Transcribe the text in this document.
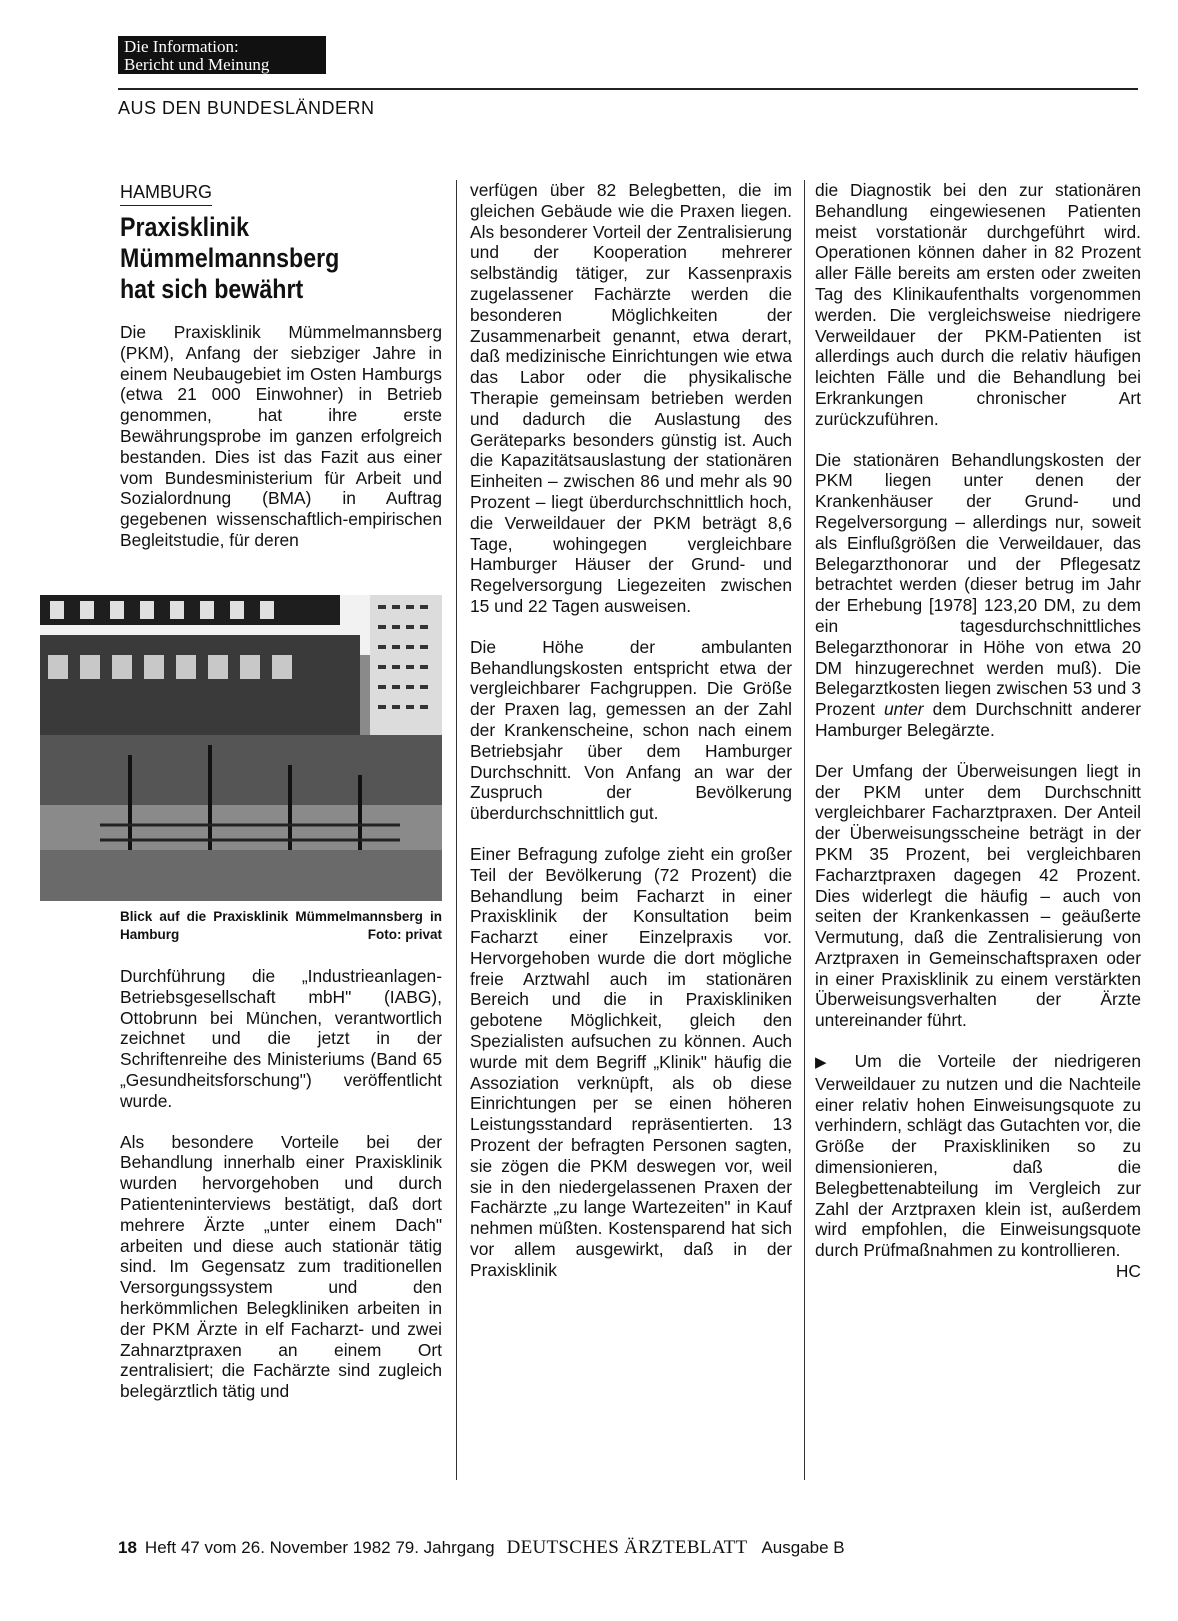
Die Information:
Bericht und Meinung
AUS DEN BUNDESLÄNDERN
HAMBURG
Praxisklinik
Mümmelmannsberg
hat sich bewährt

Die Praxisklinik Mümmelmannsberg (PKM), Anfang der siebziger Jahre in einem Neubaugebiet im Osten Hamburgs (etwa 21 000 Einwohner) in Betrieb genommen, hat ihre erste Bewährungsprobe im ganzen erfolgreich bestanden. Dies ist das Fazit aus einer vom Bundesministerium für Arbeit und Sozialordnung (BMA) in Auftrag gegebenen wissenschaftlich-empirischen Begleitstudie, für deren

Blick auf die Praxisklinik Mümmelmannsberg in Hamburg	Foto: privat

Durchführung die „Industrieanlagen-Betriebsgesellschaft mbH" (IABG), Ottobrunn bei München, verantwortlich zeichnet und die jetzt in der Schriftenreihe des Ministeriums (Band 65 „Gesundheitsforschung") veröffentlicht wurde.

Als besondere Vorteile bei der Behandlung innerhalb einer Praxisklinik wurden hervorgehoben und durch Patienteninterviews bestätigt, daß dort mehrere Ärzte „unter einem Dach" arbeiten und diese auch stationär tätig sind. Im Gegensatz zum traditionellen Versorgungssystem und den herkömmlichen Belegkliniken arbeiten in der PKM Ärzte in elf Facharzt- und zwei Zahnarztpraxen an einem Ort zentralisiert; die Fachärzte sind zugleich belegärztlich tätig und

verfügen über 82 Belegbetten, die im gleichen Gebäude wie die Praxen liegen. Als besonderer Vorteil der Zentralisierung und der Kooperation mehrerer selbständig tätiger, zur Kassenpraxis zugelassener Fachärzte werden die besonderen Möglichkeiten der Zusammenarbeit genannt, etwa derart, daß medizinische Einrichtungen wie etwa das Labor oder die physikalische Therapie gemeinsam betrieben werden und dadurch die Auslastung des Geräteparks besonders günstig ist. Auch die Kapazitätsauslastung der stationären Einheiten – zwischen 86 und mehr als 90 Prozent – liegt überdurchschnittlich hoch, die Verweildauer der PKM beträgt 8,6 Tage, wohingegen vergleichbare Hamburger Häuser der Grund- und Regelversorgung Liegezeiten zwischen 15 und 22 Tagen ausweisen.

Die Höhe der ambulanten Behandlungskosten entspricht etwa der vergleichbarer Fachgruppen. Die Größe der Praxen lag, gemessen an der Zahl der Krankenscheine, schon nach einem Betriebsjahr über dem Hamburger Durchschnitt. Von Anfang an war der Zuspruch der Bevölkerung überdurchschnittlich gut.

Einer Befragung zufolge zieht ein großer Teil der Bevölkerung (72 Prozent) die Behandlung beim Facharzt in einer Praxisklinik der Konsultation beim Facharzt einer Einzelpraxis vor. Hervorgehoben wurde die dort mögliche freie Arztwahl auch im stationären Bereich und die in Praxiskliniken gebotene Möglichkeit, gleich den Spezialisten aufsuchen zu können. Auch wurde mit dem Begriff „Klinik" häufig die Assoziation verknüpft, als ob diese Einrichtungen per se einen höheren Leistungsstandard repräsentierten. 13 Prozent der befragten Personen sagten, sie zögen die PKM deswegen vor, weil sie in den niedergelassenen Praxen der Fachärzte „zu lange Wartezeiten" in Kauf nehmen müßten. Kostensparend hat sich vor allem ausgewirkt, daß in der Praxisklinik

die Diagnostik bei den zur stationären Behandlung eingewiesenen Patienten meist vorstationär durchgeführt wird. Operationen können daher in 82 Prozent aller Fälle bereits am ersten oder zweiten Tag des Klinikaufenthalts vorgenommen werden. Die vergleichsweise niedrigere Verweildauer der PKM-Patienten ist allerdings auch durch die relativ häufigen leichten Fälle und die Behandlung bei Erkrankungen chronischer Art zurückzuführen.

Die stationären Behandlungskosten der PKM liegen unter denen der Krankenhäuser der Grund- und Regelversorgung – allerdings nur, soweit als Einflußgrößen die Verweildauer, das Belegarzthonorar und der Pflegesatz betrachtet werden (dieser betrug im Jahr der Erhebung [1978] 123,20 DM, zu dem ein tagesdurchschnittliches Belegarzthonorar in Höhe von etwa 20 DM hinzugerechnet werden muß). Die Belegarztkosten liegen zwischen 53 und 3 Prozent unter dem Durchschnitt anderer Hamburger Belegärzte.

Der Umfang der Überweisungen liegt in der PKM unter dem Durchschnitt vergleichbarer Facharztpraxen. Der Anteil der Überweisungsscheine beträgt in der PKM 35 Prozent, bei vergleichbaren Facharztpraxen dagegen 42 Prozent. Dies widerlegt die häufig – auch von seiten der Krankenkassen – geäußerte Vermutung, daß die Zentralisierung von Arztpraxen in Gemeinschaftspraxen oder in einer Praxisklinik zu einem verstärkten Überweisungsverhalten der Ärzte untereinander führt.

▶ Um die Vorteile der niedrigeren Verweildauer zu nutzen und die Nachteile einer relativ hohen Einweisungsquote zu verhindern, schlägt das Gutachten vor, die Größe der Praxiskliniken so zu dimensionieren, daß die Belegbettenabteilung im Vergleich zur Zahl der Arztpraxen klein ist, außerdem wird empfohlen, die Einweisungsquote durch Prüfmaßnahmen zu kontrollieren.
HC

18 Heft 47 vom 26. November 1982 79. Jahrgang DEUTSCHES ÄRZTEBLATT Ausgabe B
